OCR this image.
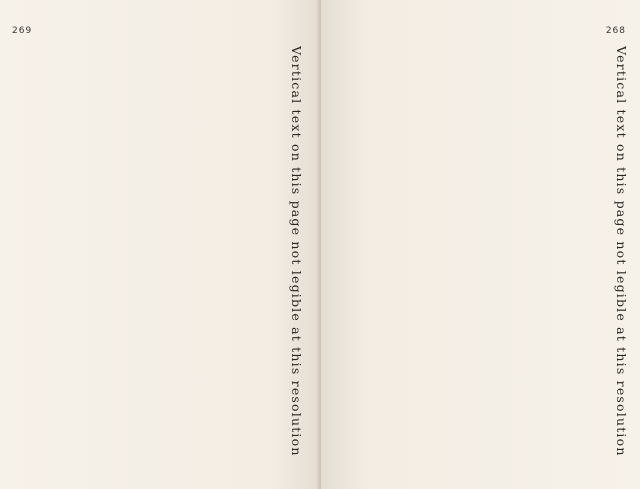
269
Vertical text on this page not legible at this resolution
268
Vertical text on this page not legible at this resolution
